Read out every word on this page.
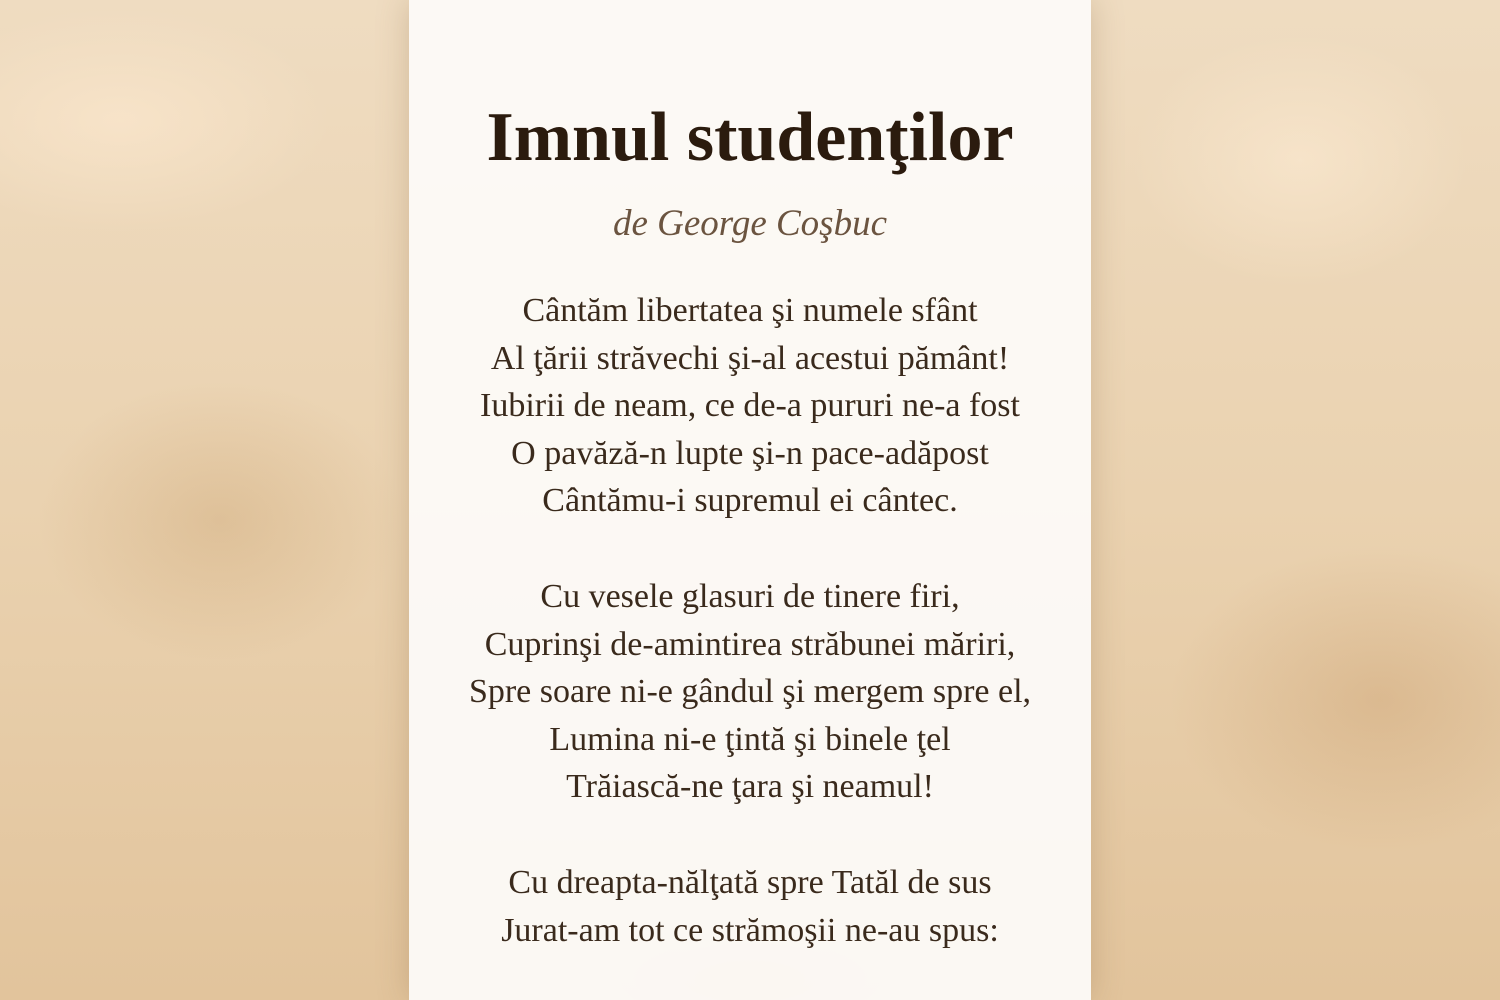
Imnul studenţilor

de George Coşbuc

Cântăm libertatea şi numele sfânt
Al ţării străvechi şi-al acestui pământ!
Iubirii de neam, ce de-a pururi ne-a fost
O pavăză-n lupte şi-n pace-adăpost
Cântămu-i supremul ei cântec.
Cu vesele glasuri de tinere firi,
Cuprinşi de-amintirea străbunei măriri,
Spre soare ni-e gândul şi mergem spre el,
Lumina ni-e ţintă şi binele ţel
Trăiască-ne ţara şi neamul!
Cu dreapta-nălţată spre Tatăl de sus
Jurat-am tot ce strămoşii ne-au spus:
